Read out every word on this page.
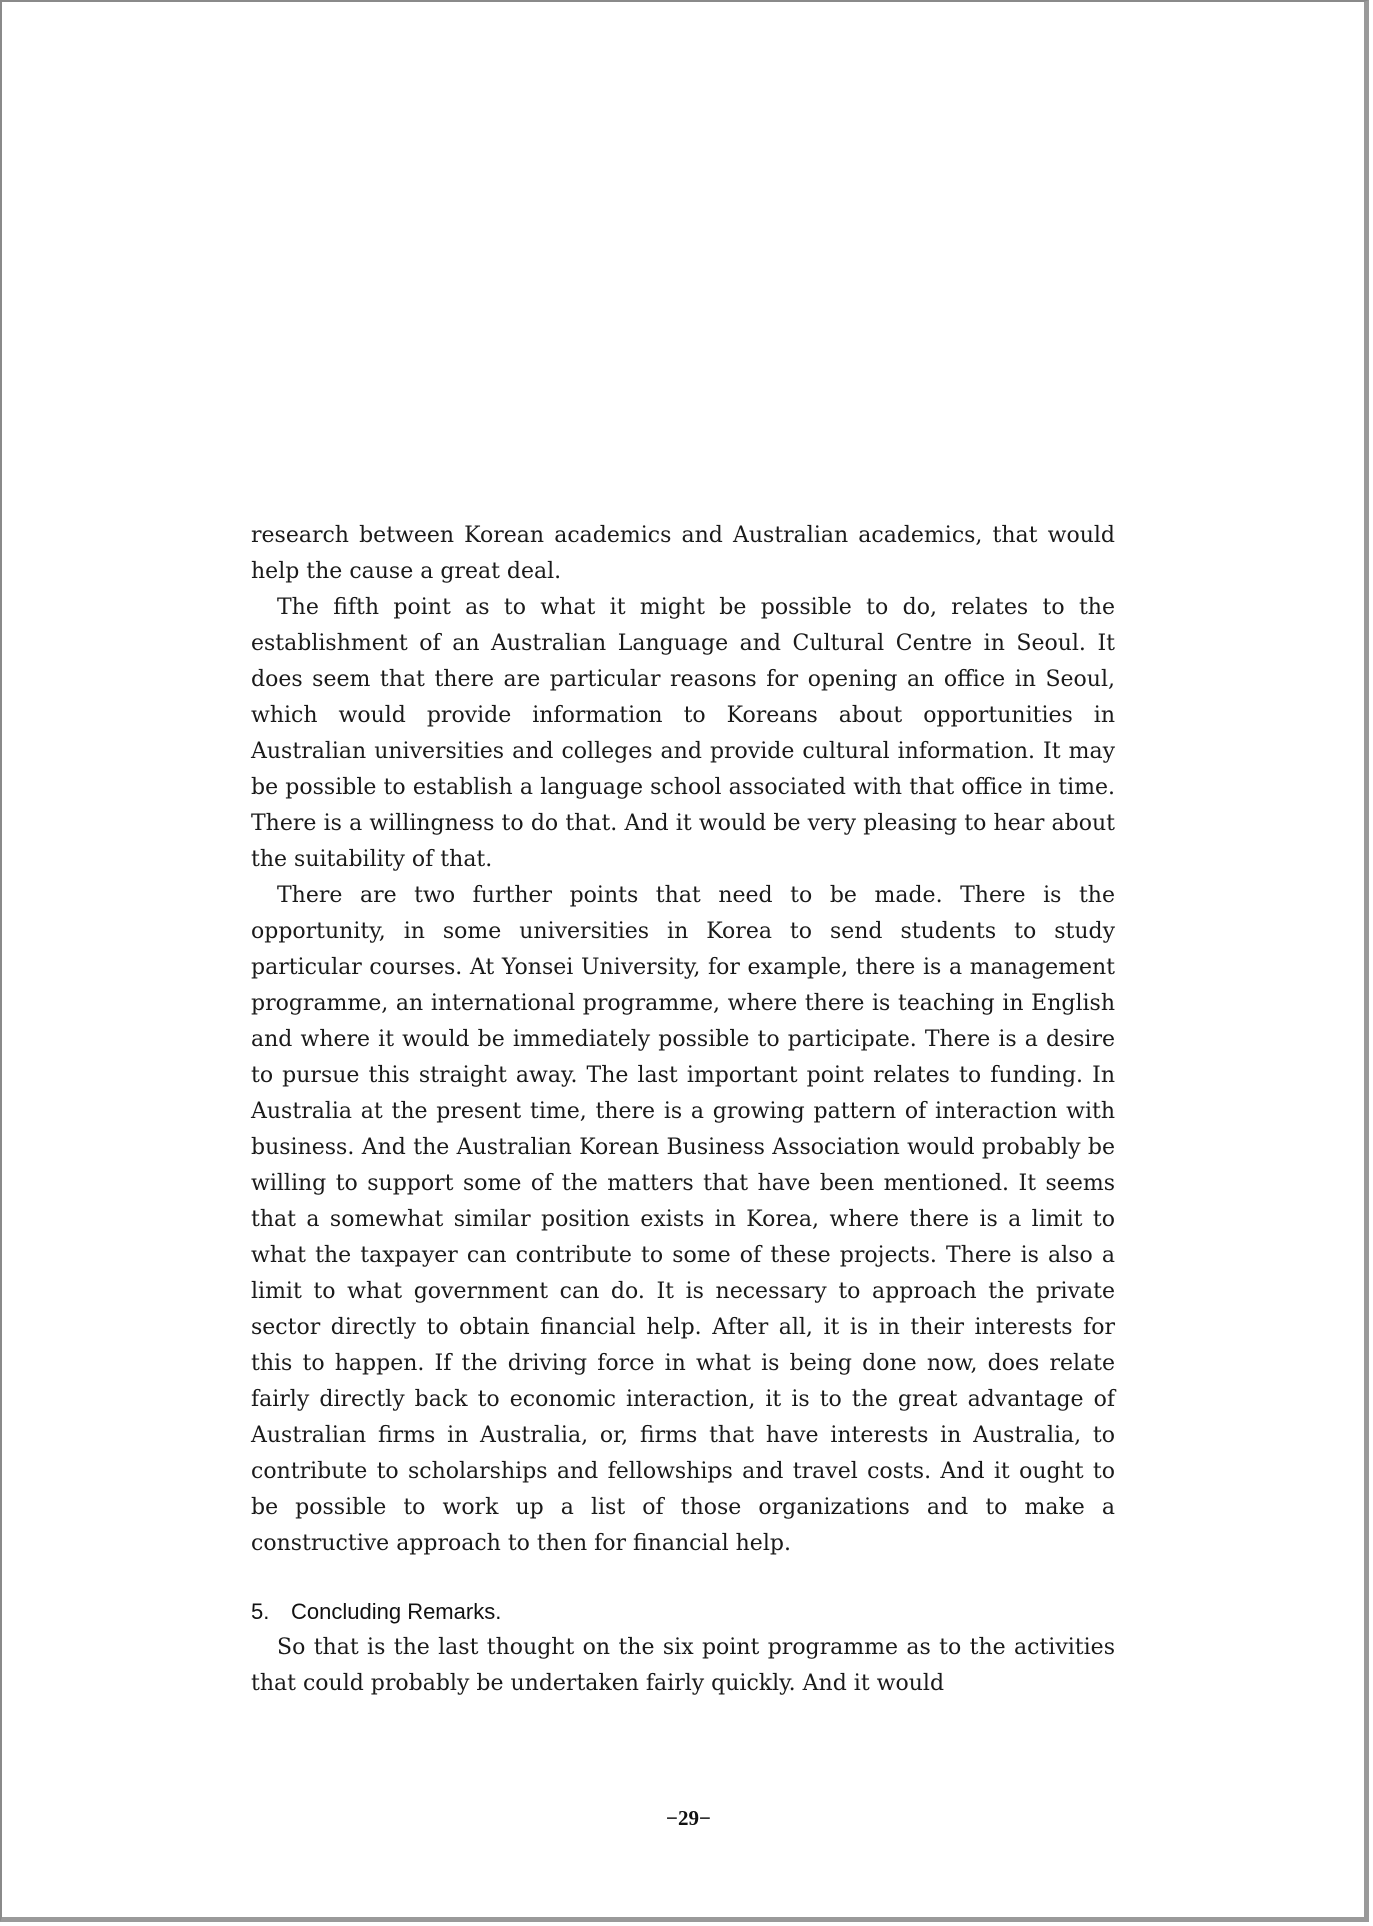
research between Korean academics and Australian academics, that would help the cause a great deal.

The fifth point as to what it might be possible to do, relates to the establishment of an Australian Language and Cultural Centre in Seoul. It does seem that there are particular reasons for opening an office in Seoul, which would provide information to Koreans about opportunities in Australian universities and colleges and provide cultural information. It may be possible to establish a language school associated with that office in time. There is a willingness to do that. And it would be very pleasing to hear about the suitability of that.

There are two further points that need to be made. There is the opportunity, in some universities in Korea to send students to study particular courses. At Yonsei University, for example, there is a management programme, an international programme, where there is teaching in English and where it would be immediately possible to participate. There is a desire to pursue this straight away. The last important point relates to funding. In Australia at the present time, there is a growing pattern of interaction with business. And the Australian Korean Business Association would probably be willing to support some of the matters that have been mentioned. It seems that a somewhat similar position exists in Korea, where there is a limit to what the taxpayer can contribute to some of these projects. There is also a limit to what government can do. It is necessary to approach the private sector directly to obtain financial help. After all, it is in their interests for this to happen. If the driving force in what is being done now, does relate fairly directly back to economic interaction, it is to the great advantage of Australian firms in Australia, or, firms that have interests in Australia, to contribute to scholarships and fellowships and travel costs. And it ought to be possible to work up a list of those organizations and to make a constructive approach to then for financial help.

5. Concluding Remarks.

So that is the last thought on the six point programme as to the activities that could probably be undertaken fairly quickly. And it would

−29−
